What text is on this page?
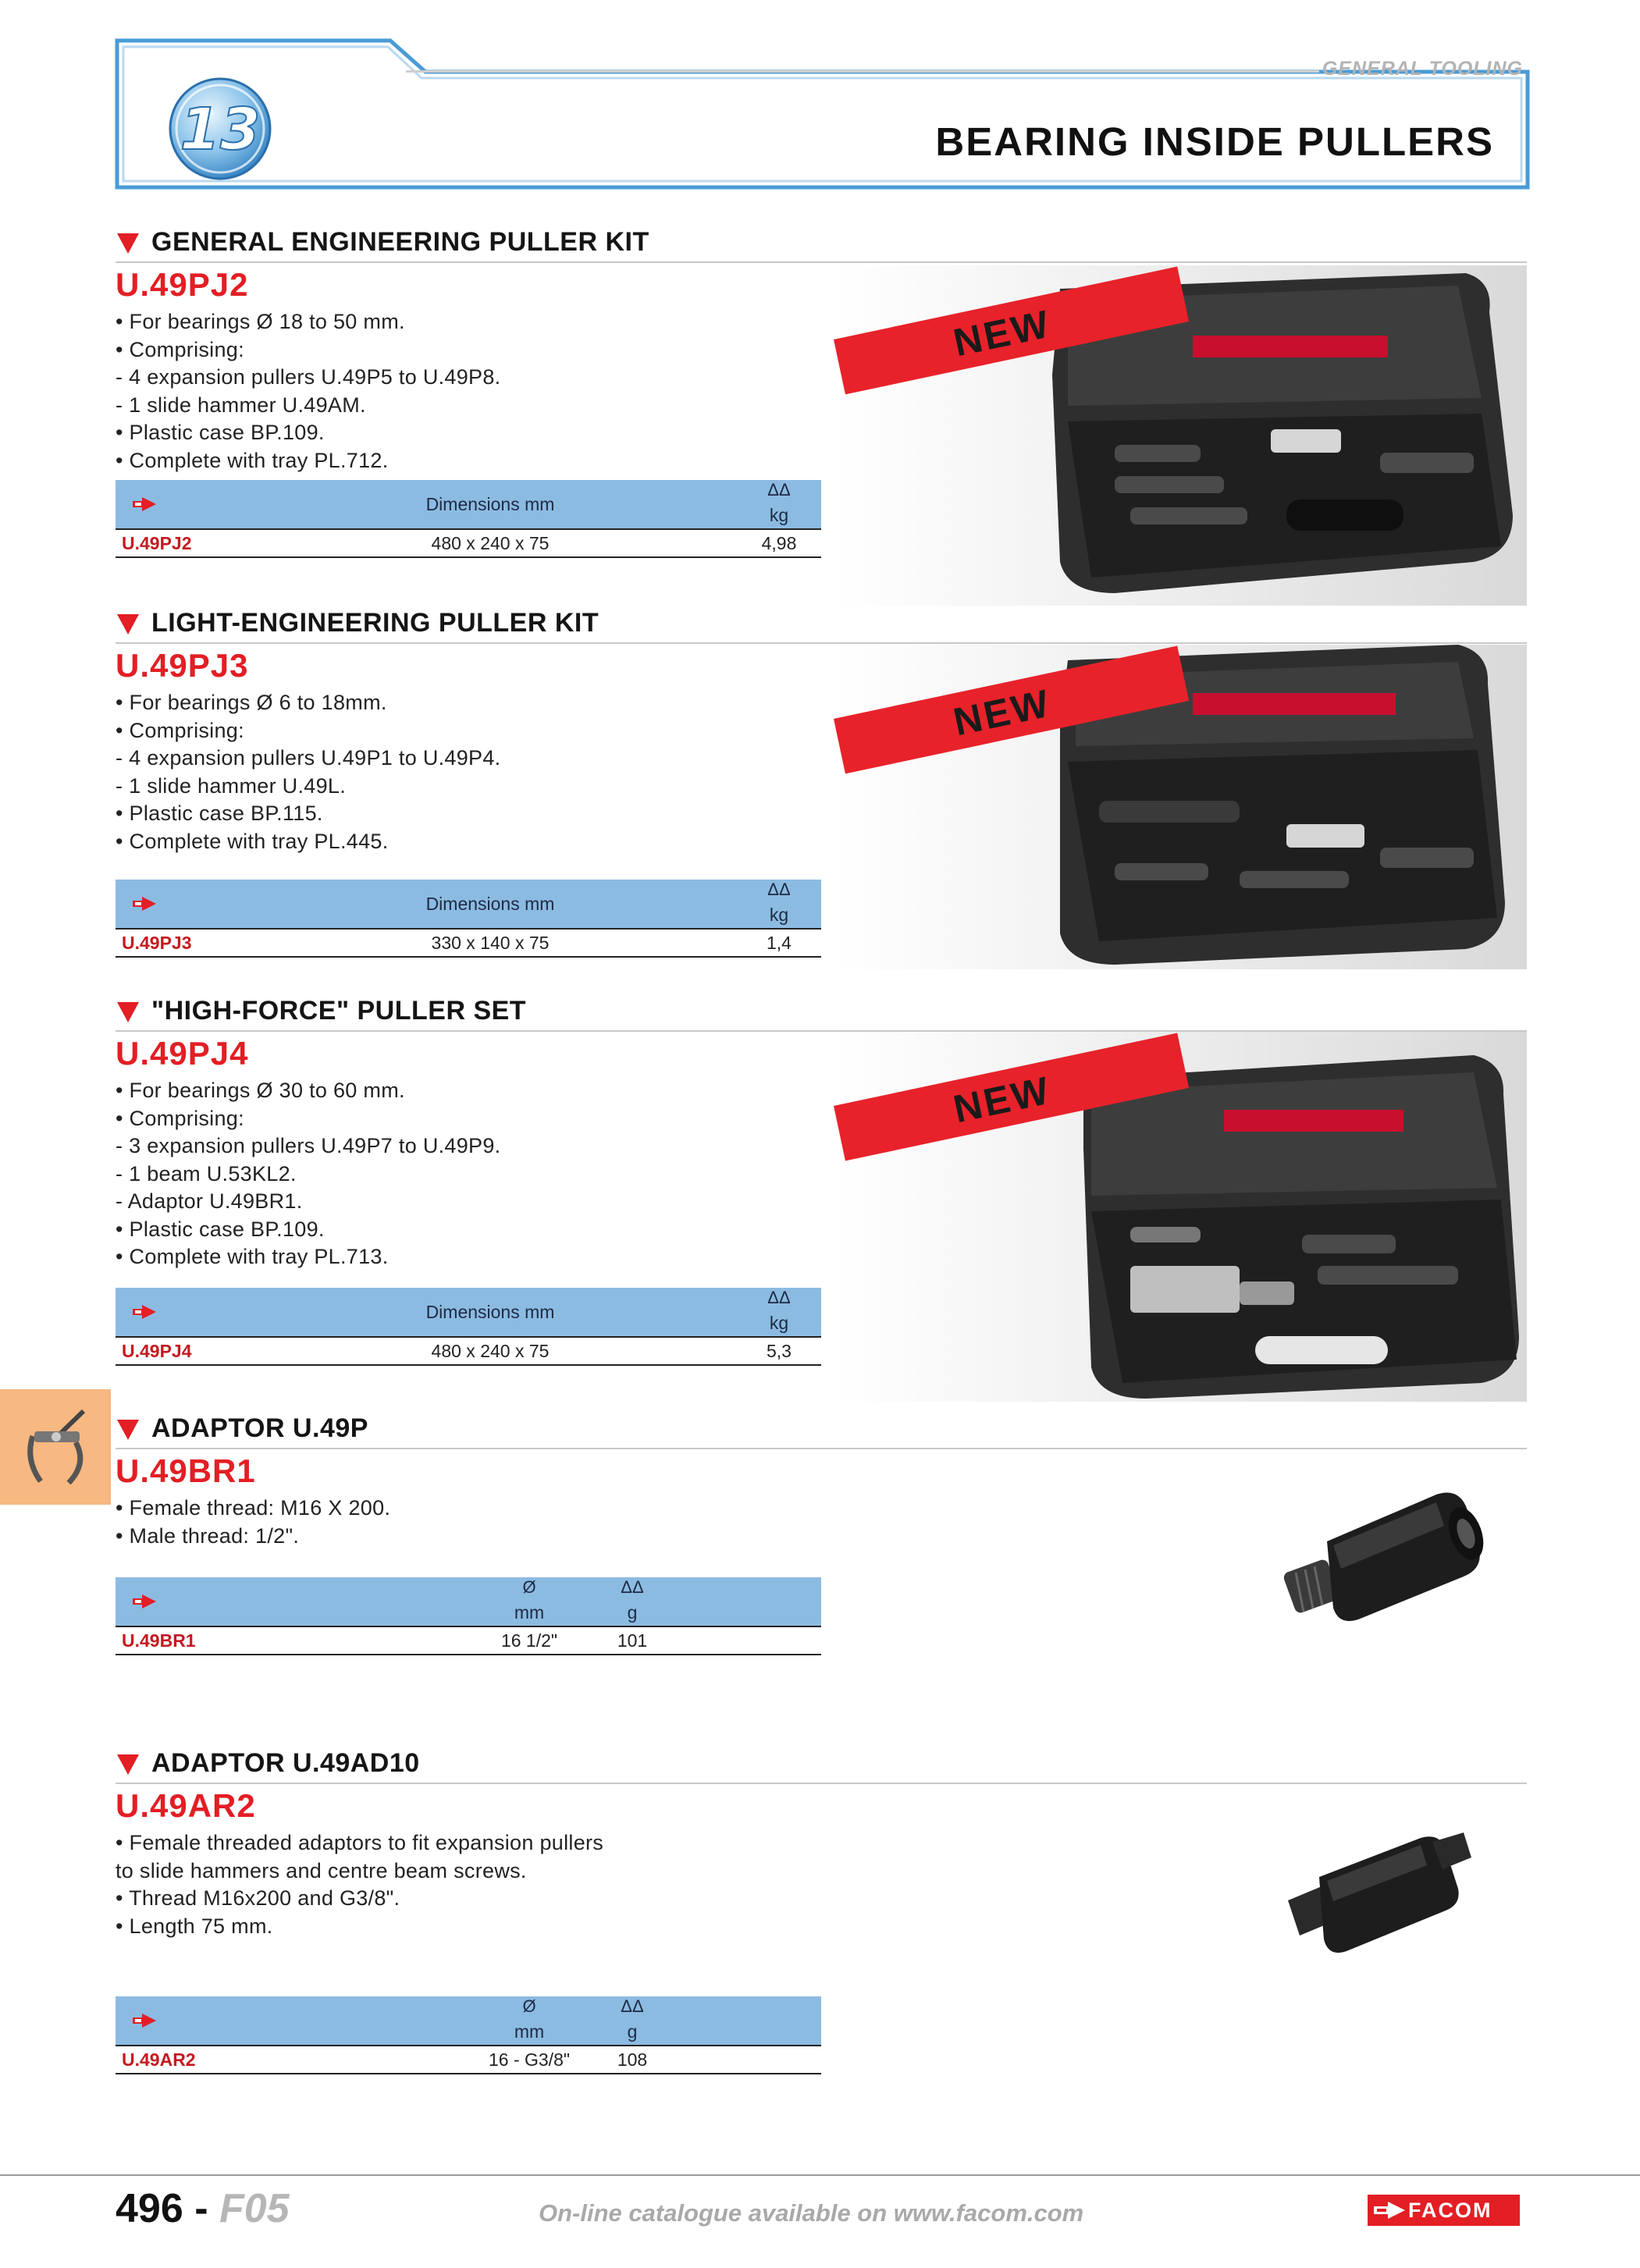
GENERAL TOOLING
BEARING INSIDE PULLERS
13
GENERAL ENGINEERING PULLER KIT
U.49PJ2
• For bearings Ø 18 to 50 mm.
• Comprising:
- 4 expansion pullers U.49P5 to U.49P8.
- 1 slide hammer U.49AM.
• Plastic case BP.109.
• Complete with tray PL.712.
Dimensions mm
ΔΔ
kg
U.49PJ2	480 x 240 x 75	4,98
NEW
LIGHT-ENGINEERING PULLER KIT
U.49PJ3
• For bearings Ø 6 to 18mm.
• Comprising:
- 4 expansion pullers U.49P1 to U.49P4.
- 1 slide hammer U.49L.
• Plastic case BP.115.
• Complete with tray PL.445.
Dimensions mm
ΔΔ
kg
U.49PJ3	330 x 140 x 75	1,4
NEW
"HIGH-FORCE" PULLER SET
U.49PJ4
• For bearings Ø 30 to 60 mm.
• Comprising:
- 3 expansion pullers U.49P7 to U.49P9.
- 1 beam U.53KL2.
- Adaptor U.49BR1.
• Plastic case BP.109.
• Complete with tray PL.713.
Dimensions mm
ΔΔ
kg
U.49PJ4	480 x 240 x 75	5,3
NEW
ADAPTOR U.49P
U.49BR1
• Female thread: M16 X 200.
• Male thread: 1/2".
Ø
mm
ΔΔ
g
U.49BR1	16 1/2"	101
ADAPTOR U.49AD10
U.49AR2
• Female threaded adaptors to fit expansion pullers
to slide hammers and centre beam screws.
• Thread M16x200 and G3/8".
• Length 75 mm.
Ø
mm
ΔΔ
g
U.49AR2	16 - G3/8"	108
496 - F05	On-line catalogue available on www.facom.com	FACOM
